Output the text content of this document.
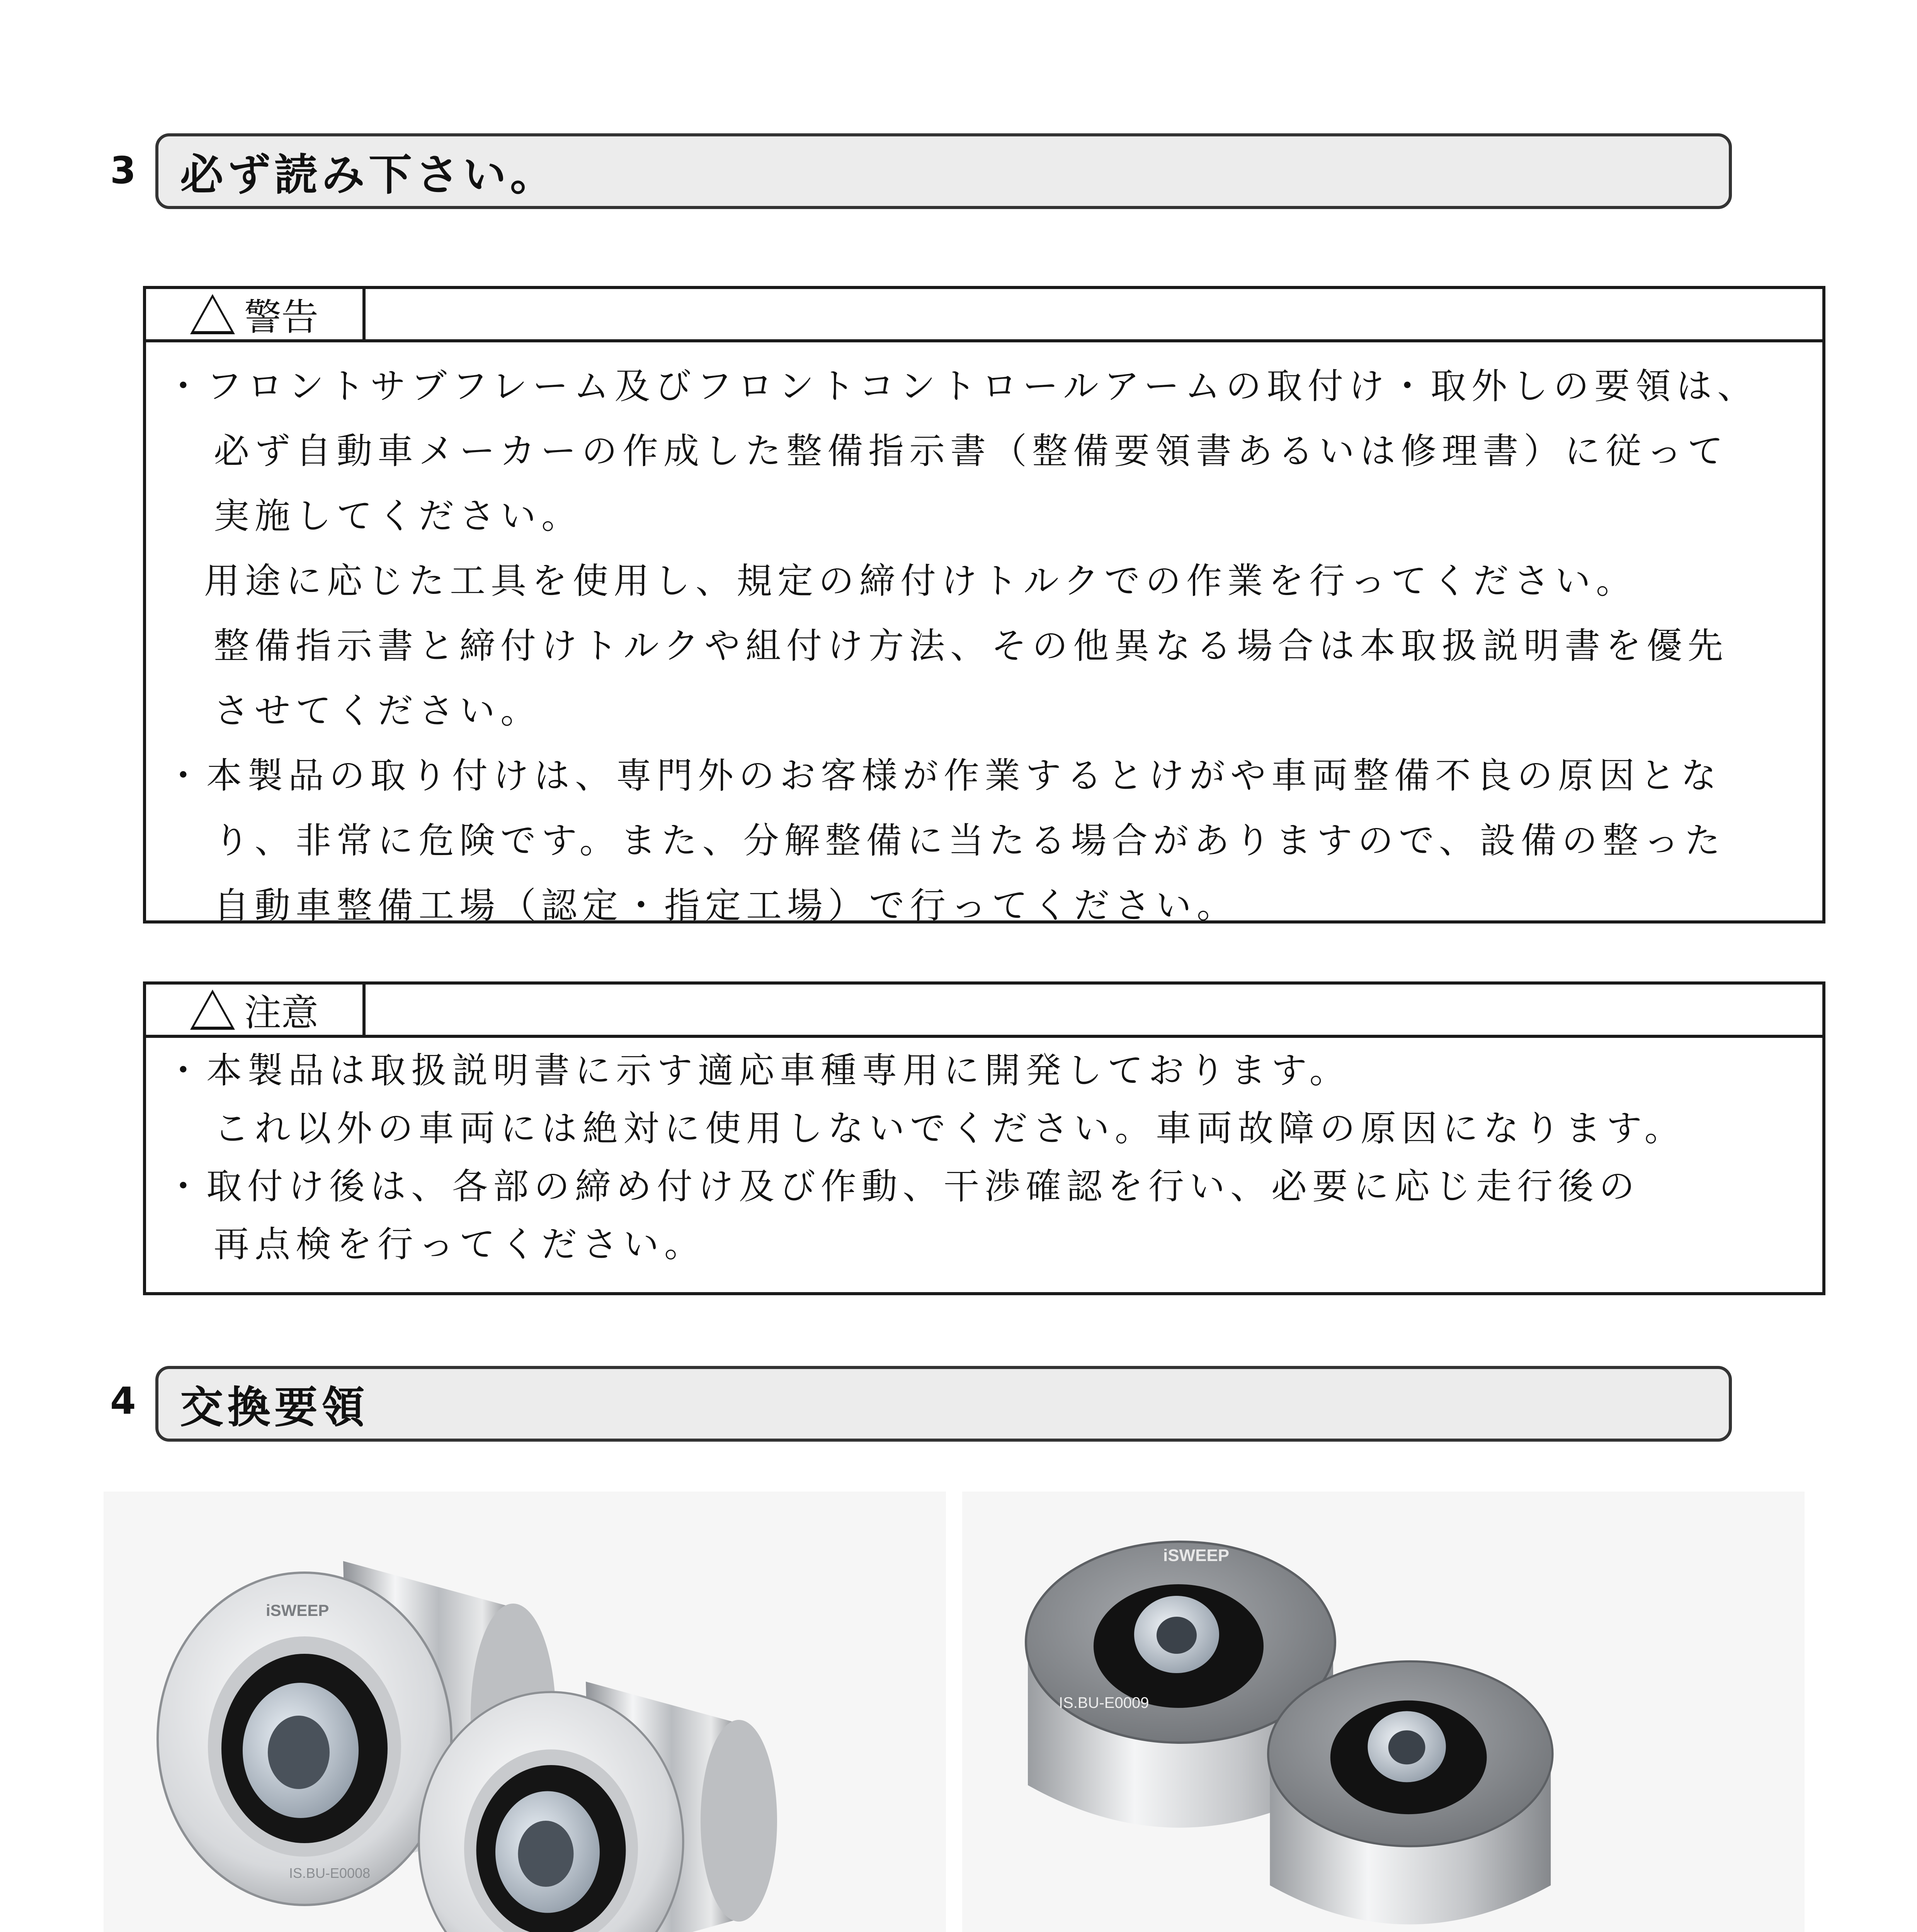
3 必ず読み下さい。
警告

・フロントサブフレーム及びフロントコントロールアームの取付け・取外しの要領は、

必ず自動車メーカーの作成した整備指示書（整備要領書あるいは修理書）に従って

実施してください。

用途に応じた工具を使用し、規定の締付けトルクでの作業を行ってください。

整備指示書と締付けトルクや組付け方法、その他異なる場合は本取扱説明書を優先

させてください。

・本製品の取り付けは、専門外のお客様が作業するとけがや車両整備不良の原因とな

り、非常に危険です。また、分解整備に当たる場合がありますので、設備の整った

自動車整備工場（認定・指定工場）で行ってください。

注意

・本製品は取扱説明書に示す適応車種専用に開発しております。

これ以外の車両には絶対に使用しないでください。車両故障の原因になります。

・取付け後は、各部の締め付け及び作動、干渉確認を行い、必要に応じ走行後の

再点検を行ってください。

4 交換要領
iSWEEP
IS.BU-E0008
iSWEEP
IS.BU-E0009
